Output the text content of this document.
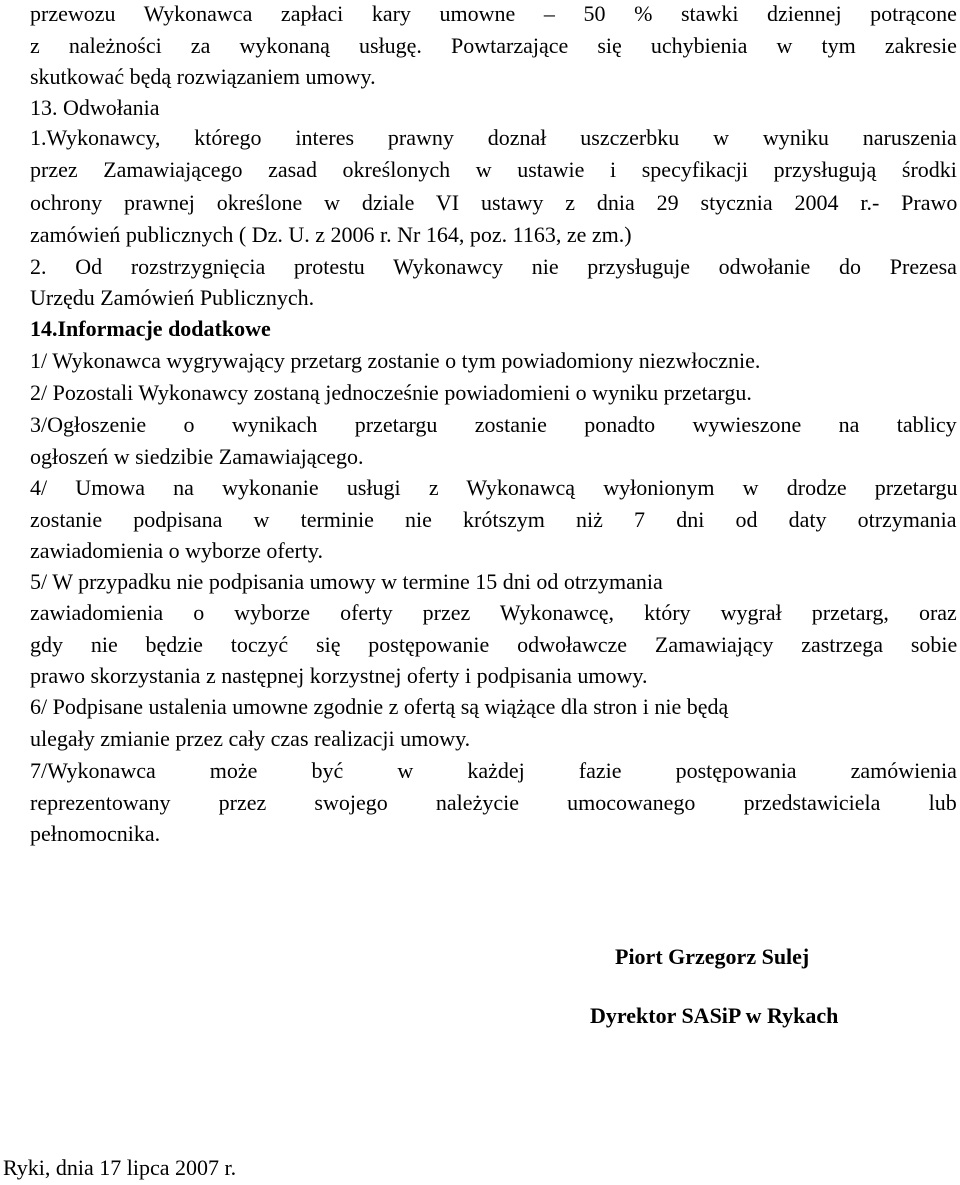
przewozu Wykonawca zapłaci kary umowne – 50 % stawki dziennej potrącone
z należności za wykonaną usługę. Powtarzające się uchybienia w tym zakresie
skutkować będą rozwiązaniem umowy.
13. Odwołania
1.Wykonawcy, którego interes prawny doznał uszczerbku w wyniku naruszenia
przez Zamawiającego zasad określonych w ustawie i specyfikacji przysługują środki
ochrony prawnej określone w dziale VI ustawy z dnia 29 stycznia 2004 r.- Prawo
zamówień publicznych ( Dz. U. z 2006 r. Nr 164, poz. 1163, ze zm.)
2. Od rozstrzygnięcia protestu Wykonawcy nie przysługuje odwołanie do Prezesa
Urzędu Zamówień Publicznych.
14.Informacje dodatkowe
1/ Wykonawca wygrywający przetarg zostanie o tym powiadomiony niezwłocznie.
2/ Pozostali Wykonawcy zostaną jednocześnie powiadomieni o wyniku przetargu.
3/Ogłoszenie o wynikach przetargu zostanie ponadto wywieszone na tablicy
ogłoszeń w siedzibie Zamawiającego.
4/ Umowa na wykonanie usługi z Wykonawcą wyłonionym w drodze przetargu
zostanie podpisana w terminie nie krótszym niż 7 dni od daty otrzymania
zawiadomienia o wyborze oferty.
5/ W przypadku nie podpisania umowy w termine 15 dni od otrzymania
zawiadomienia o wyborze oferty przez Wykonawcę, który wygrał przetarg, oraz
gdy nie będzie toczyć się postępowanie odwoławcze Zamawiający zastrzega sobie
prawo skorzystania z następnej korzystnej oferty i podpisania umowy.
6/ Podpisane ustalenia umowne zgodnie z ofertą są wiążące dla stron i nie będą
ulegały zmianie przez cały czas realizacji umowy.
7/Wykonawca może być w każdej fazie postępowania zamówienia
reprezentowany przez swojego należycie umocowanego przedstawiciela lub
pełnomocnika.
Piort Grzegorz Sulej
Dyrektor SASiP w Rykach
Ryki, dnia 17 lipca 2007 r.
